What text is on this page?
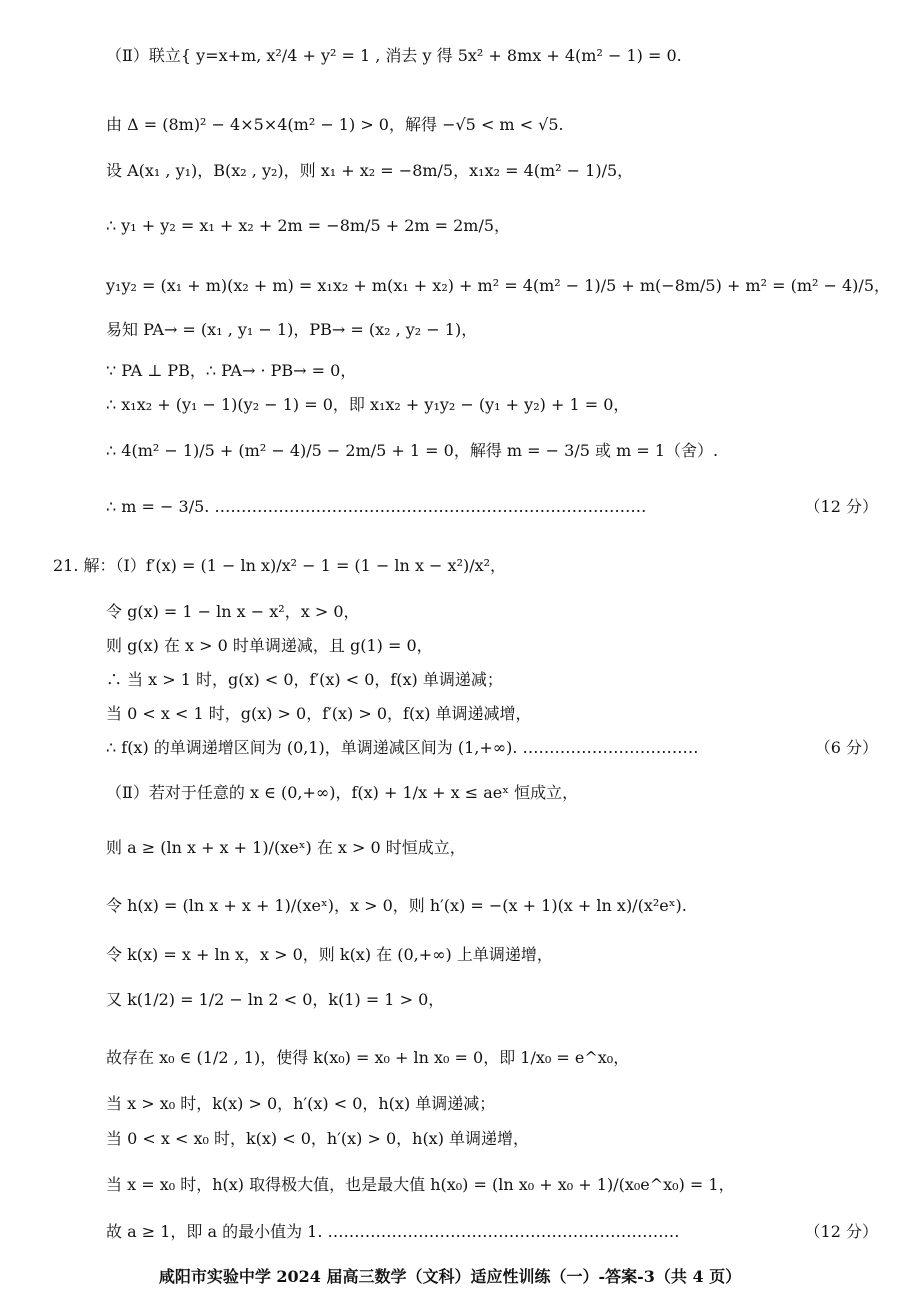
（Ⅱ）联立{ y=x+m, x²/4 + y² = 1 , 消去 y 得 5x² + 8mx + 4(m² − 1) = 0.
由 Δ = (8m)² − 4×5×4(m² − 1) > 0，解得 −√5 < m < √5.
设 A(x₁ , y₁)，B(x₂ , y₂)，则 x₁ + x₂ = −8m/5，x₁x₂ = 4(m² − 1)/5，
∴ y₁ + y₂ = x₁ + x₂ + 2m = −8m/5 + 2m = 2m/5，
y₁y₂ = (x₁ + m)(x₂ + m) = x₁x₂ + m(x₁ + x₂) + m² = 4(m² − 1)/5 + m(−8m/5) + m² = (m² − 4)/5，
易知 PA→ = (x₁ , y₁ − 1)，PB→ = (x₂ , y₂ − 1)，
∵ PA ⊥ PB，∴ PA→ · PB→ = 0，
∴ x₁x₂ + (y₁ − 1)(y₂ − 1) = 0，即 x₁x₂ + y₁y₂ − (y₁ + y₂) + 1 = 0，
∴ 4(m² − 1)/5 + (m² − 4)/5 − 2m/5 + 1 = 0，解得 m = − 3/5 或 m = 1（舍）.
∴ m = − 3/5. ………………………………………………………………………	（12 分）
21. 解：（Ⅰ）f′(x) = (1 − ln x)/x² − 1 = (1 − ln x − x²)/x²，
令 g(x) = 1 − ln x − x²，x > 0，
则 g(x) 在 x > 0 时单调递减，且 g(1) = 0，
∴ 当 x > 1 时，g(x) < 0，f′(x) < 0，f(x) 单调递减；
当 0 < x < 1 时，g(x) > 0，f′(x) > 0，f(x) 单调递减增，
∴ f(x) 的单调递增区间为 (0,1)，单调递减区间为 (1,+∞). ……………………………	（6 分）
（Ⅱ）若对于任意的 x ∈ (0,+∞)，f(x) + 1/x + x ≤ aeˣ 恒成立，
则 a ≥ (ln x + x + 1)/(xeˣ) 在 x > 0 时恒成立，
令 h(x) = (ln x + x + 1)/(xeˣ)，x > 0，则 h′(x) = −(x + 1)(x + ln x)/(x²eˣ).
令 k(x) = x + ln x，x > 0，则 k(x) 在 (0,+∞) 上单调递增，
又 k(1/2) = 1/2 − ln 2 < 0，k(1) = 1 > 0，
故存在 x₀ ∈ (1/2 , 1)，使得 k(x₀) = x₀ + ln x₀ = 0，即 1/x₀ = e^x₀，
当 x > x₀ 时，k(x) > 0，h′(x) < 0，h(x) 单调递减；
当 0 < x < x₀ 时，k(x) < 0，h′(x) > 0，h(x) 单调递增，
当 x = x₀ 时，h(x) 取得极大值，也是最大值 h(x₀) = (ln x₀ + x₀ + 1)/(x₀e^x₀) = 1，
故 a ≥ 1，即 a 的最小值为 1. …………………………………………………………	（12 分）
咸阳市实验中学 2024 届高三数学（文科）适应性训练（一）-答案-3（共 4 页）
